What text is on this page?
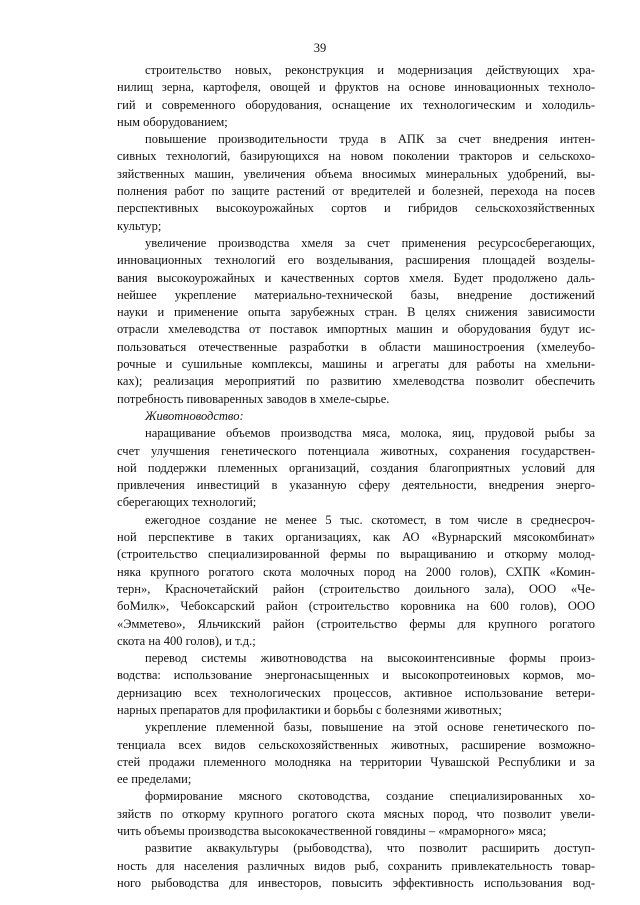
39
строительство новых, реконструкция и модернизация действующих хра-
нилищ зерна, картофеля, овощей и фруктов на основе инновационных техноло-
гий и современного оборудования, оснащение их технологическим и холодиль-
ным оборудованием;
повышение производительности труда в АПК за счет внедрения интен-
сивных технологий, базирующихся на новом поколении тракторов и сельскохо-
зяйственных машин, увеличения объема вносимых минеральных удобрений, вы-
полнения работ по защите растений от вредителей и болезней, перехода на посев
перспективных высокоурожайных сортов и гибридов сельскохозяйственных
культур;
увеличение производства хмеля за счет применения ресурсосберегающих,
инновационных технологий его возделывания, расширения площадей возделы-
вания высокоурожайных и качественных сортов хмеля. Будет продолжено даль-
нейшее укрепление материально-технической базы, внедрение достижений
науки и применение опыта зарубежных стран. В целях снижения зависимости
отрасли хмелеводства от поставок импортных машин и оборудования будут ис-
пользоваться отечественные разработки в области машиностроения (хмелеубо-
рочные и сушильные комплексы, машины и агрегаты для работы на хмельни-
ках); реализация мероприятий по развитию хмелеводства позволит обеспечить
потребность пивоваренных заводов в хмеле-сырье.
Животноводство:
наращивание объемов производства мяса, молока, яиц, прудовой рыбы за
счет улучшения генетического потенциала животных, сохранения государствен-
ной поддержки племенных организаций, создания благоприятных условий для
привлечения инвестиций в указанную сферу деятельности, внедрения энерго-
сберегающих технологий;
ежегодное создание не менее 5 тыс. скотомест, в том числе в среднесроч-
ной перспективе в таких организациях, как АО «Вурнарский мясокомбинат»
(строительство специализированной фермы по выращиванию и откорму молод-
няка крупного рогатого скота молочных пород на 2000 голов), СХПК «Комин-
терн», Красночетайский район (строительство доильного зала), ООО «Че-
боМилк», Чебоксарский район (строительство коровника на 600 голов), ООО
«Эмметево», Яльчикский район (строительство фермы для крупного рогатого
скота на 400 голов), и т.д.;
перевод системы животноводства на высокоинтенсивные формы произ-
водства: использование энергонасыщенных и высокопротеиновых кормов, мо-
дернизацию всех технологических процессов, активное использование ветери-
нарных препаратов для профилактики и борьбы с болезнями животных;
укрепление племенной базы, повышение на этой основе генетического по-
тенциала всех видов сельскохозяйственных животных, расширение возможно-
стей продажи племенного молодняка на территории Чувашской Республики и за
ее пределами;
формирование мясного скотоводства, создание специализированных хо-
зяйств по откорму крупного рогатого скота мясных пород, что позволит увели-
чить объемы производства высококачественной говядины – «мраморного» мяса;
развитие аквакультуры (рыбоводства), что позволит расширить доступ-
ность для населения различных видов рыб, сохранить привлекательность товар-
ного рыбоводства для инвесторов, повысить эффективность использования вод-
